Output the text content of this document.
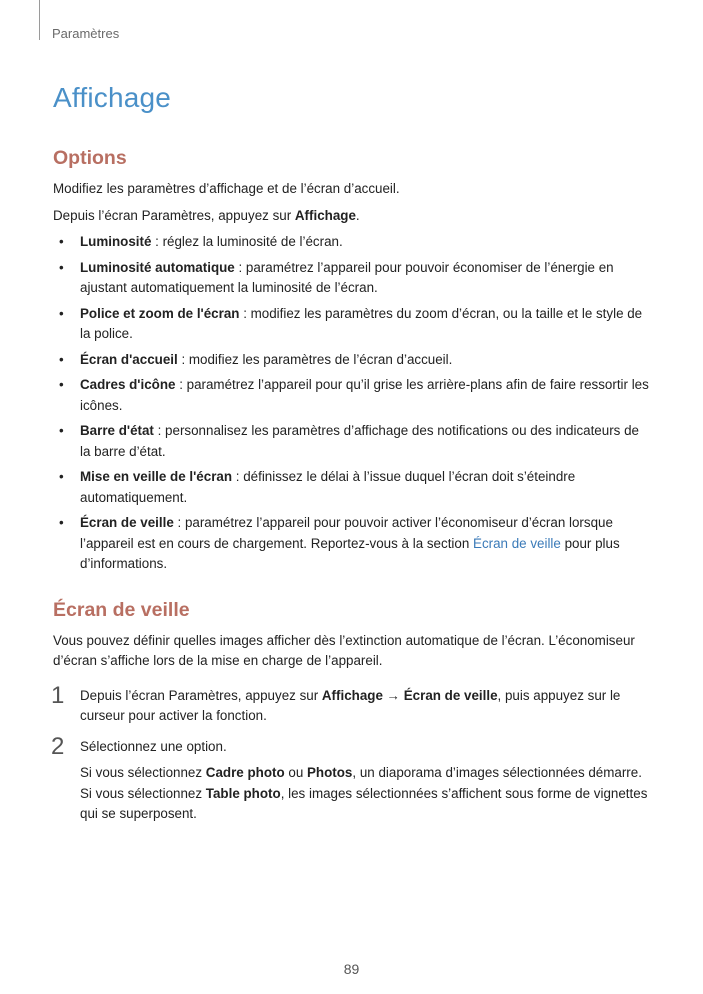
Paramètres
Affichage
Options

Modifiez les paramètres d’affichage et de l’écran d’accueil.

Depuis l’écran Paramètres, appuyez sur Affichage.

• Luminosité : réglez la luminosité de l’écran.
• Luminosité automatique : paramétrez l’appareil pour pouvoir économiser de l’énergie en ajustant automatiquement la luminosité de l’écran.
• Police et zoom de l'écran : modifiez les paramètres du zoom d’écran, ou la taille et le style de la police.
• Écran d'accueil : modifiez les paramètres de l’écran d’accueil.
• Cadres d'icône : paramétrez l’appareil pour qu’il grise les arrière-plans afin de faire ressortir les icônes.
• Barre d'état : personnalisez les paramètres d’affichage des notifications ou des indicateurs de la barre d’état.
• Mise en veille de l'écran : définissez le délai à l’issue duquel l’écran doit s’éteindre automatiquement.
• Écran de veille : paramétrez l’appareil pour pouvoir activer l’économiseur d’écran lorsque l’appareil est en cours de chargement. Reportez-vous à la section Écran de veille pour plus d’informations.
Écran de veille

Vous pouvez définir quelles images afficher dès l’extinction automatique de l’écran. L’économiseur d’écran s’affiche lors de la mise en charge de l’appareil.

1 Depuis l’écran Paramètres, appuyez sur Affichage → Écran de veille, puis appuyez sur le curseur pour activer la fonction.

2 Sélectionnez une option.

Si vous sélectionnez Cadre photo ou Photos, un diaporama d’images sélectionnées démarre. Si vous sélectionnez Table photo, les images sélectionnées s’affichent sous forme de vignettes qui se superposent.

89
